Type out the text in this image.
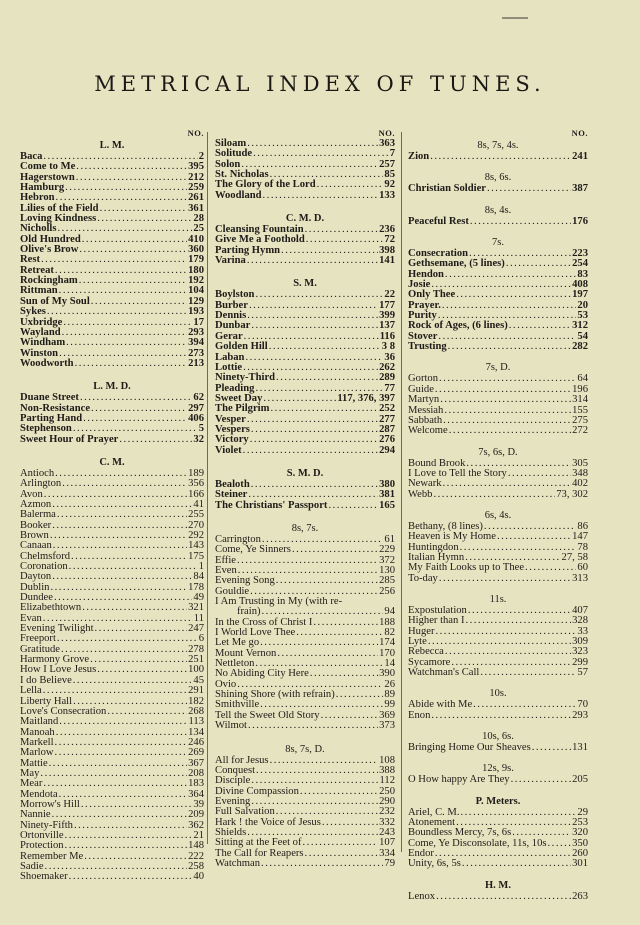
METRICAL INDEX OF TUNES.
NO.
L. M.
Baca .....	2
Come to Me .....	395
Hagerstown .....	212
Hamburg .....	259
Hebron .....	261
Lilies of the Field .....	361
Loving Kindness .....	28
Nicholls .....	25
Old Hundred .....	410
Olive's Brow .....	360
Rest .....	179
Retreat .....	180
Rockingham .....	192
Rittman .....	104
Sun of My Soul .....	129
Sykes .....	193
Uxbridge .....	17
Wayland .....	293
Windham .....	394
Winston .....	273
Woodworth .....	213
L. M. D.
Duane Street .....	62
Non-Resistance .....	297
Parting Hand .....	406
Stephenson .....	5
Sweet Hour of Prayer .....	32
C. M.
Antioch .....	189
Arlington .....	356
Avon .....	166
Azmon .....	41
Balerma .....	255
Booker .....	270
Brown .....	292
Canaan .....	143
Chelmsford .....	175
Coronation .....	1
Dayton .....	84
Dublin .....	178
Dundee .....	49
Elizabethtown .....	321
Evan .....	11
Evening Twilight .....	247
Freeport .....	6
Gratitude .....	278
Harmony Grove .....	251
How I Love Jesus .....	100
I do Believe .....	45
Lella .....	291
Liberty Hall .....	182
Love's Consecration .....	268
Maitland .....	113
Manoah .....	134
Markell .....	246
Marlow .....	269
Mattie .....	367
May .....	208
Mear .....	183
Mendota .....	364
Morrow's Hill .....	39
Nannie .....	209
Ninety-Fifth .....	362
Ortonville .....	21
Protection .....	148
Remember Me .....	222
Sadie .....	258
Shoemaker .....	40
NO.
Siloam .....	363
Solitude .....	7
Solon .....	257
St. Nicholas .....	85
The Glory of the Lord .....	92
Woodland .....	133
C. M. D.
Cleansing Fountain .....	236
Give Me a Foothold .....	72
Parting Hymn .....	398
Varina .....	141
S. M.
Boylston .....	22
Burber .....	177
Dennis .....	399
Dunbar .....	137
Gerar .....	116
Golden Hill .....	3 8
Laban .....	36
Lottie .....	262
Ninety-Third .....	289
Pleading .....	77
Sweet Day .....	117, 376, 397
The Pilgrim .....	252
Vesper .....	277
Vespers .....	287
Victory .....	276
Violet .....	294
S. M. D.
Bealoth .....	380
Steiner .....	381
The Christians' Passport .....	165
8s, 7s.
Carrington .....	61
Come, Ye Sinners .....	229
Effie .....	372
Even .....	130
Evening Song .....	285
Gouldie .....	256
I Am Trusting in My (with re-
frain) .....	94
In the Cross of Christ I .....	188
I World Love Thee .....	82
Let Me go .....	174
Mount Vernon .....	170
Nettleton .....	14
No Abiding City Here .....	390
Ovio .....	26
Shining Shore (with refrain) .....	89
Smithville .....	99
Tell the Sweet Old Story .....	369
Wilmot .....	373
8s, 7s, D.
All for Jesus .....	108
Conquest .....	388
Disciple .....	112
Divine Compassion .....	250
Evening .....	290
Full Salvation .....	232
Hark ! the Voice of Jesus .....	332
Shields .....	243
Sitting at the Feet of .....	107
The Call for Reapers .....	334
Watchman .....	79
NO.
8s, 7s, 4s.
Zion .....	241
8s, 6s.
Christian Soldier .....	387
8s, 4s.
Peaceful Rest .....	176
7s.
Consecration .....	223
Gethsemane, (5 lines) .....	254
Hendon .....	83
Josie .....	408
Only Thee .....	197
Prayer. .....	20
Purity .....	53
Rock of Ages, (6 lines) .....	312
Stover .....	54
Trusting .....	282
7s, D.
Gorton .....	64
Guide .....	196
Martyn .....	314
Messiah .....	155
Sabbath .....	275
Welcome .....	272
7s, 6s, D.
Bound Brook .....	305
I Love to Tell the Story .....	348
Newark .....	402
Webb .....	73, 302
6s, 4s.
Bethany, (8 lines) .....	86
Heaven is My Home .....	147
Huntingdon .....	78
Italian Hymn .....	27, 58
My Faith Looks up to Thee .....	60
To-day .....	313
11s.
Expostulation .....	407
Higher than I .....	328
Huger .....	33
Lyte .....	309
Rebecca .....	323
Sycamore .....	299
Watchman's Call .....	57
10s.
Abide with Me .....	70
Enon .....	293
10s, 6s.
Bringing Home Our Sheaves .....	131
12s, 9s.
O How happy Are They .....	205
P. Meters.
Ariel, C. M. .....	29
Atonement .....	253
Boundless Mercy, 7s, 6s .....	320
Come, Ye Disconsolate, 11s, 10s ..... 350
Endor .....	260
Unity, 6s, 5s .....	301
H. M.
Lenox .....	263
